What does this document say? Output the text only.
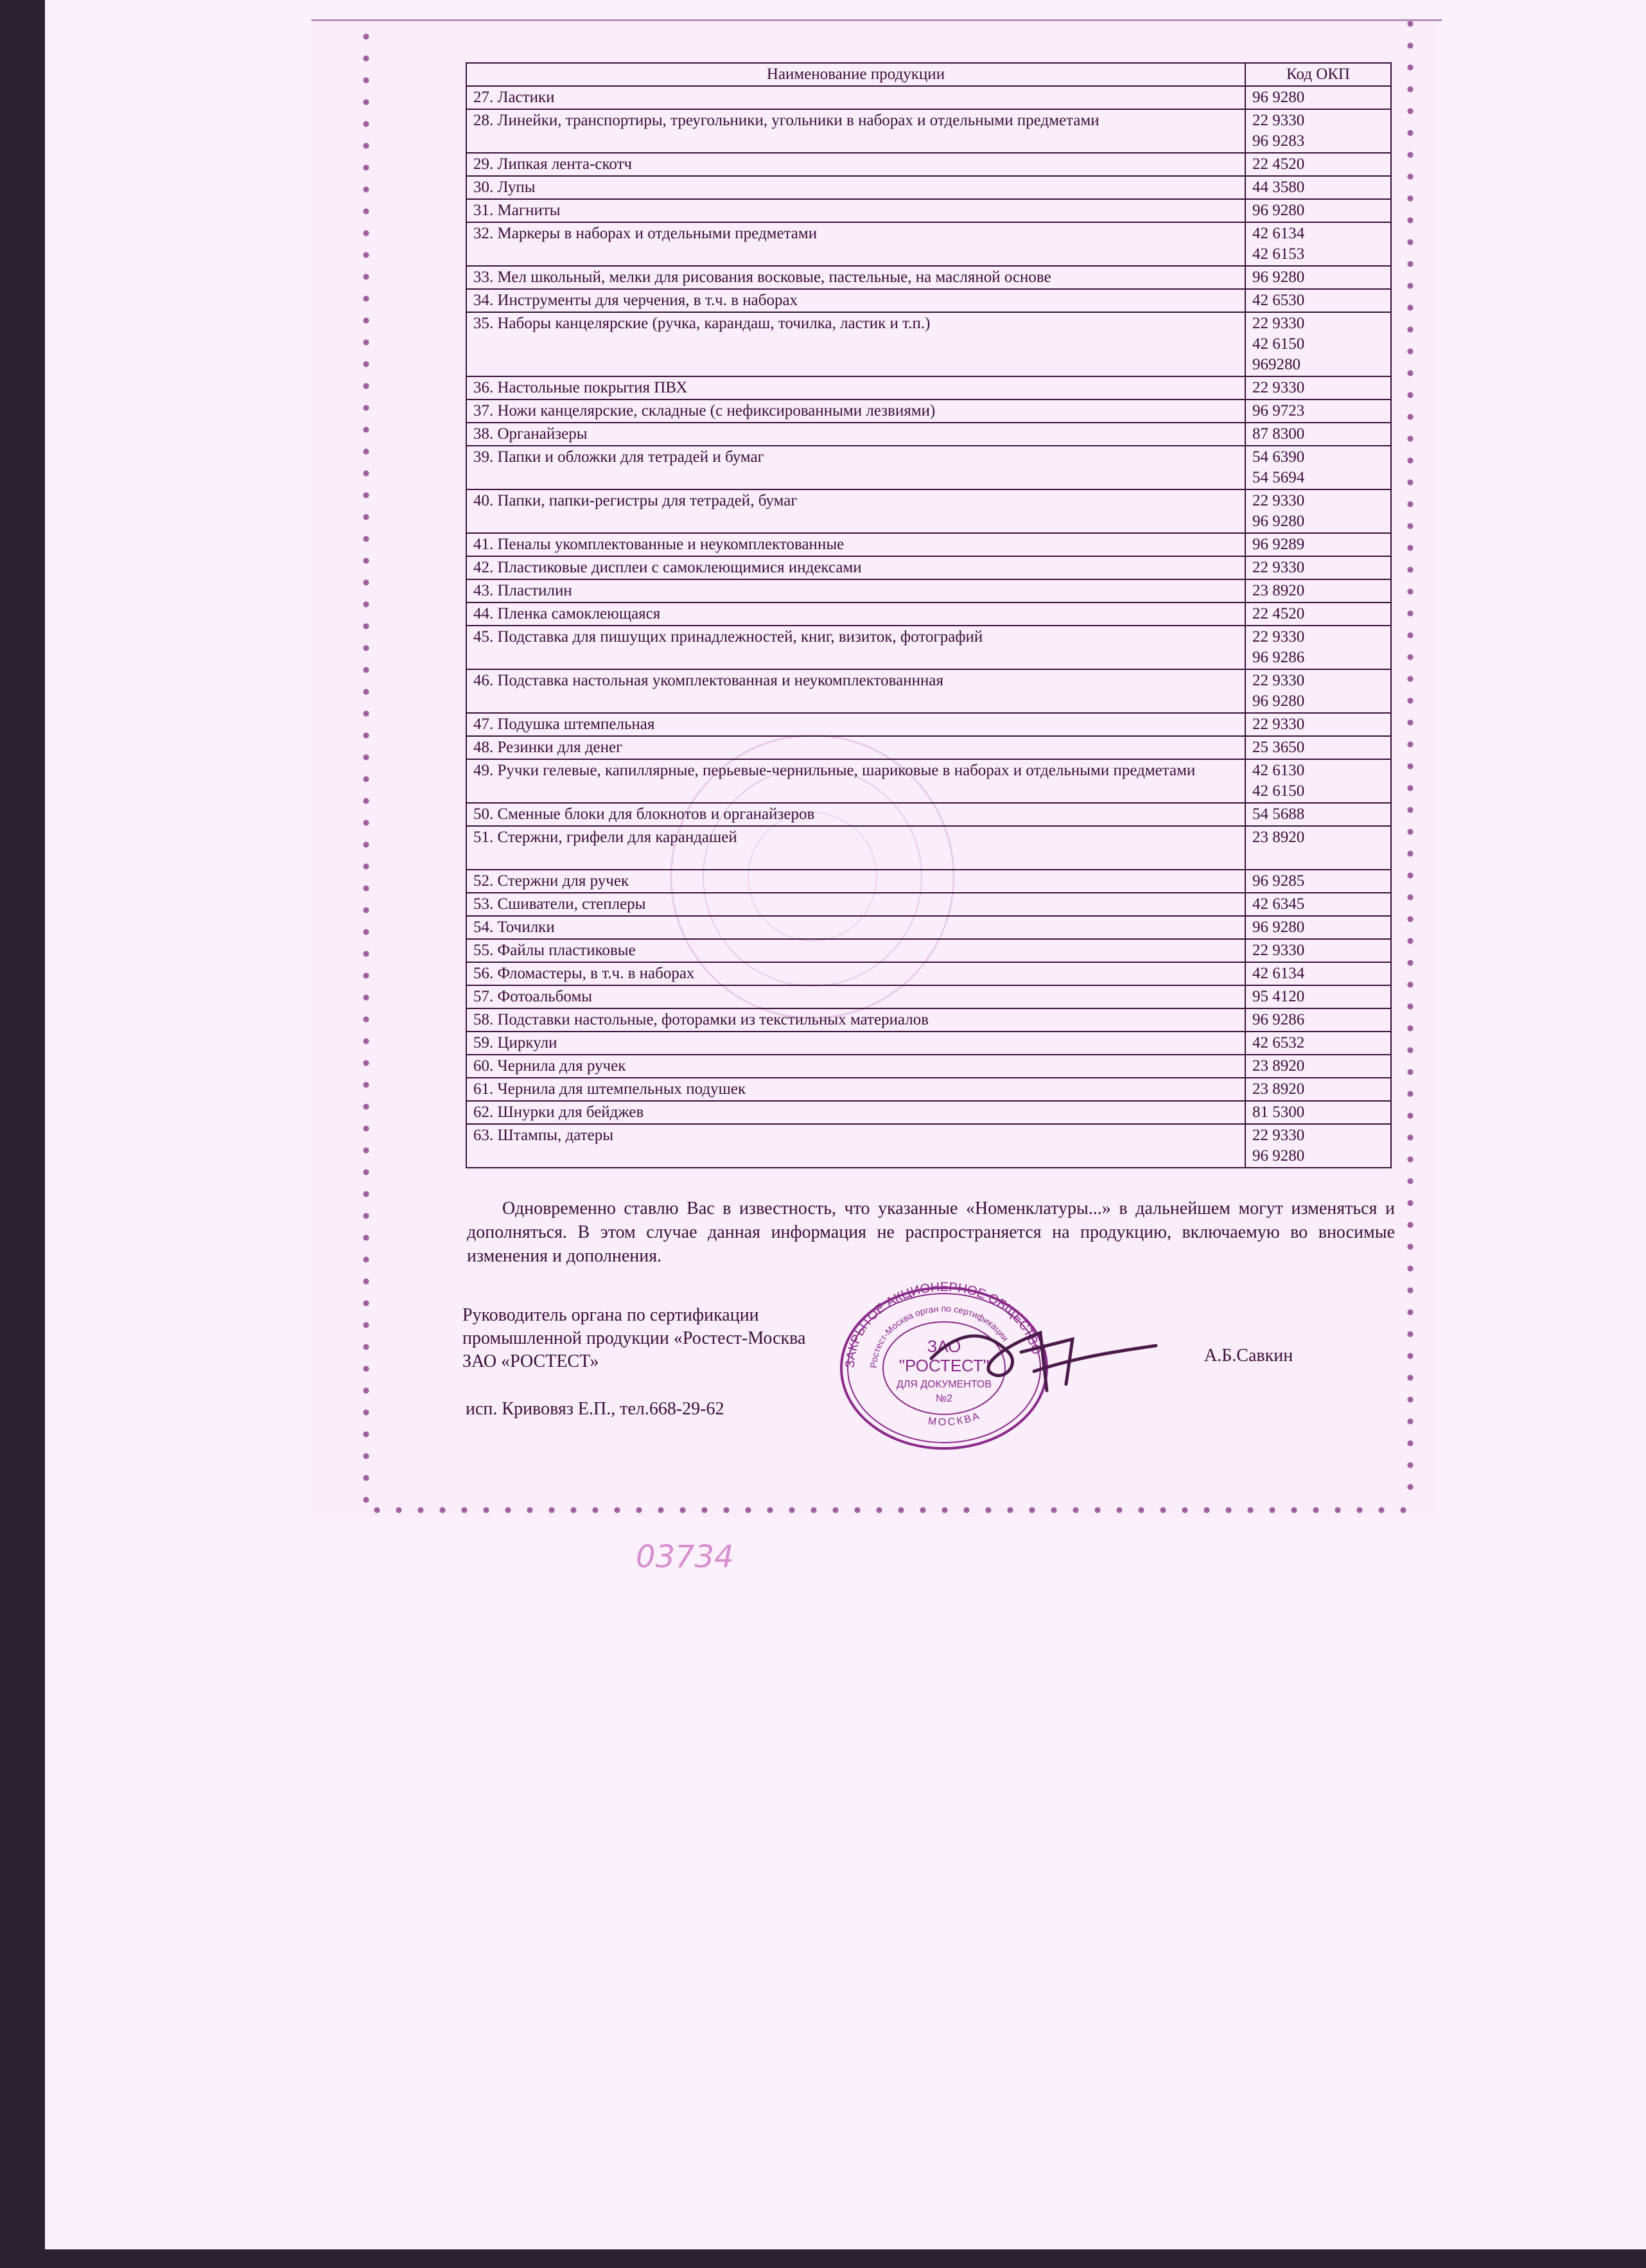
Наименование продукции	Код ОКП
27. Ластики	96 9280

28. Линейки, транспортиры, треугольники, угольники в наборах и отдельными предметами	22 9330
96 9283

29. Липкая лента-скотч	22 4520

30. Лупы	44 3580

31. Магниты	96 9280

32. Маркеры в наборах и отдельными предметами	42 6134
42 6153

33. Мел школьный, мелки для рисования восковые, пастельные, на масляной основе	96 9280

34. Инструменты для черчения, в т.ч. в наборах	42 6530

35. Наборы канцелярские (ручка, карандаш, точилка, ластик и т.п.)	22 9330
42 6150
969280

36. Настольные покрытия ПВХ	22 9330

37. Ножи канцелярские, складные (с нефиксированными лезвиями)	96 9723

38. Органайзеры	87 8300

39. Папки и обложки для тетрадей и бумаг	54 6390
54 5694

40. Папки, папки-регистры для тетрадей, бумаг	22 9330
96 9280

41. Пеналы укомплектованные и неукомплектованные	96 9289

42. Пластиковые дисплеи с самоклеющимися индексами	22 9330

43. Пластилин	23 8920

44. Пленка самоклеющаяся	22 4520

45. Подставка для пишущих принадлежностей, книг, визиток, фотографий	22 9330
96 9286

46. Подставка настольная укомплектованная и неукомплектованнная	22 9330
96 9280

47. Подушка штемпельная	22 9330

48. Резинки для денег	25 3650

49. Ручки гелевые, капиллярные, перьевые-чернильные, шариковые в наборах и отдельными предметами	42 6130
42 6150

50. Сменные блоки для блокнотов и органайзеров	54 5688

51. Стержни, грифели для карандашей	23 8920

52. Стержни для ручек	96 9285

53. Сшиватели, степлеры	42 6345

54. Точилки	96 9280

55. Файлы пластиковые	22 9330

56. Фломастеры, в т.ч. в наборах	42 6134

57. Фотоальбомы	95 4120

58. Подставки настольные, фоторамки из текстильных материалов	96 9286

59. Циркули	42 6532

60. Чернила для ручек	23 8920

61. Чернила для штемпельных подушек	23 8920

62. Шнурки для бейджев	81 5300

63. Штампы, датеры	22 9330
96 9280

Одновременно ставлю Вас в известность, что указанные «Номенклатуры...» в дальнейшем могут изменяться и дополняться. В этом случае данная информация не распространяется на продукцию, включаемую во вносимые изменения и дополнения.

Руководитель органа по сертификации
промышленной продукции «Ростест-Москва
ЗАО «РОСТЕСТ»	А.Б.Савкин
исп. Кривовяз Е.П., тел.668-29-62
ЗАКРЫТОЕ АКЦИОНЕРНОЕ ОБЩЕСТВО
Ростест-Москва орган по сертификации
МОСКВА
ЗАО
"РОСТЕСТ"
ДЛЯ ДОКУМЕНТОВ
№2
03734
